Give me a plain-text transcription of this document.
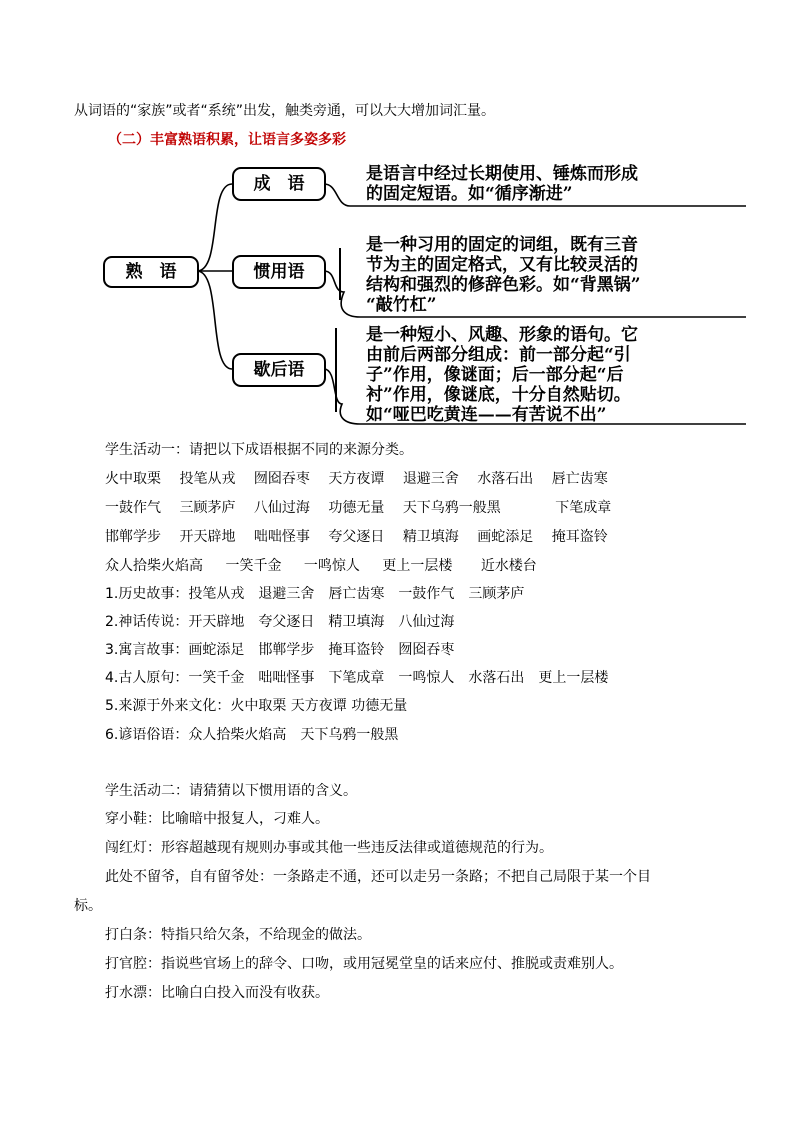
从词语的“家族”或者“系统”出发，触类旁通，可以大大增加词汇量。
（二）丰富熟语积累，让语言多姿多彩
熟　语
成　语
惯用语
歇后语
是语言中经过长期使用、锤炼而形成
的固定短语。如“循序渐进”
是一种习用的固定的词组，既有三音
节为主的固定格式，又有比较灵活的
结构和强烈的修辞色彩。如“背黑锅”
“敲竹杠”
是一种短小、风趣、形象的语句。它
由前后两部分组成：前一部分起“引
子”作用，像谜面；后一部分起“后
衬”作用，像谜底，十分自然贴切。
如“哑巴吃黄连——有苦说不出”
学生活动一：请把以下成语根据不同的来源分类。
火中取栗 投笔从戎 囫囵吞枣 天方夜谭 退避三舍 水落石出 唇亡齿寒
一鼓作气 三顾茅庐 八仙过海 功德无量 天下乌鸦一般黑	下笔成章
邯郸学步 开天辟地 咄咄怪事 夸父逐日 精卫填海 画蛇添足 掩耳盗铃
众人拾柴火焰高 一笑千金 一鸣惊人 更上一层楼 近水楼台
1.历史故事：投笔从戎　退避三舍　唇亡齿寒　一鼓作气　三顾茅庐
2.神话传说：开天辟地　夸父逐日　精卫填海　八仙过海
3.寓言故事：画蛇添足　邯郸学步　掩耳盗铃　囫囵吞枣
4.古人原句：一笑千金　咄咄怪事　下笔成章　一鸣惊人　水落石出　更上一层楼
5.来源于外来文化：火中取栗 天方夜谭 功德无量
6.谚语俗语：众人拾柴火焰高　天下乌鸦一般黑
学生活动二：请猜猜以下惯用语的含义。
穿小鞋：比喻暗中报复人，刁难人。
闯红灯：形容超越现有规则办事或其他一些违反法律或道德规范的行为。
此处不留爷，自有留爷处：一条路走不通，还可以走另一条路；不把自己局限于某一个目
标。
打白条：特指只给欠条，不给现金的做法。
打官腔：指说些官场上的辞令、口吻，或用冠冕堂皇的话来应付、推脱或责难别人。
打水漂：比喻白白投入而没有收获。
